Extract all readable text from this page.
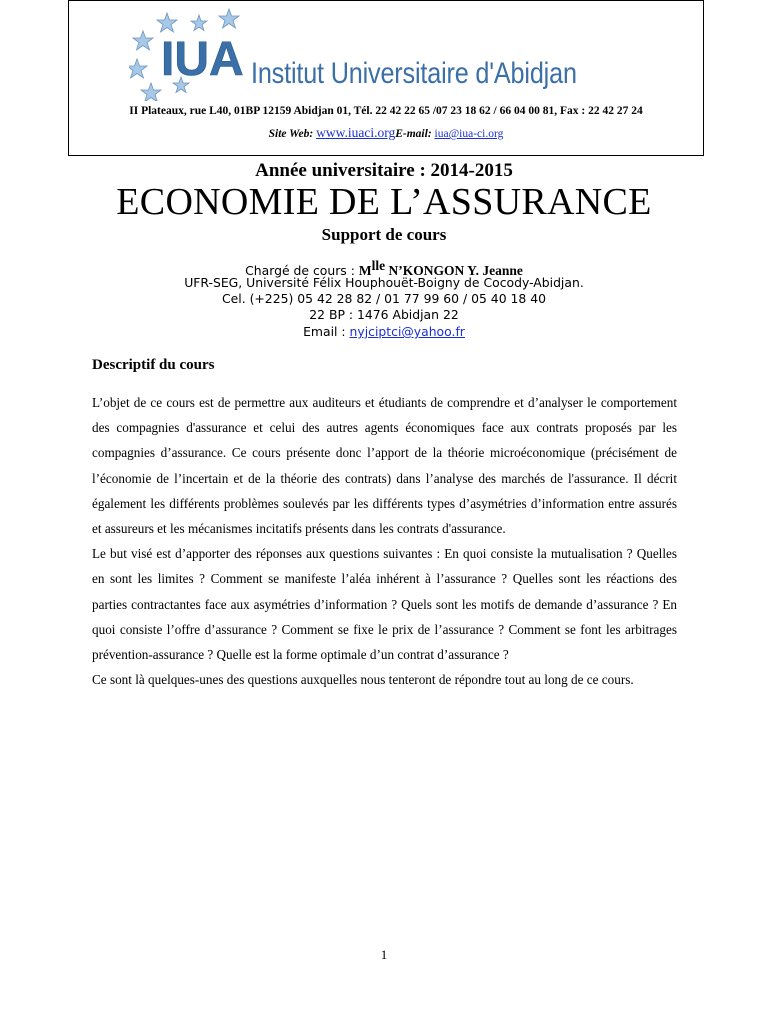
IUA Institut Universitaire d'Abidjan
II Plateaux, rue L40, 01BP 12159 Abidjan 01, Tél. 22 42 22 65 /07 23 18 62 / 66 04 00 81, Fax : 22 42 27 24
Site Web: www.iuaci.orgE-mail: iua@iua-ci.org
Année universitaire : 2014-2015
ECONOMIE DE L’ASSURANCE
Support de cours
Chargé de cours : $M^{lle}$ N’KONGON Y. Jeanne
UFR-SEG, Université Félix Houphouët-Boigny de Cocody-Abidjan.
Cel. (+225) 05 42 28 82 / 01 77 99 60 / 05 40 18 40
22 BP : 1476 Abidjan 22
Email : nyjciptci@yahoo.fr
Descriptif du cours

L’objet de ce cours est de permettre aux auditeurs et étudiants de comprendre et d’analyser le comportement des compagnies d'assurance et celui des autres agents économiques face aux contrats proposés par les compagnies d’assurance. Ce cours présente donc l’apport de la théorie microéconomique (précisément de l’économie de l’incertain et de la théorie des contrats) dans l’analyse des marchés de l'assurance. Il décrit également les différents problèmes soulevés par les différents types d’asymétries d’information entre assurés et assureurs et les mécanismes incitatifs présents dans les contrats d'assurance.

Le but visé est d’apporter des réponses aux questions suivantes : En quoi consiste la mutualisation ? Quelles en sont les limites ? Comment se manifeste l’aléa inhérent à l’assurance ? Quelles sont les réactions des parties contractantes face aux asymétries d’information ? Quels sont les motifs de demande d’assurance ? En quoi consiste l’offre d’assurance ? Comment se fixe le prix de l’assurance ? Comment se font les arbitrages prévention-assurance ? Quelle est la forme optimale d’un contrat d’assurance ?

Ce sont là quelques-unes des questions auxquelles nous tenteront de répondre tout au long de ce cours.

1
